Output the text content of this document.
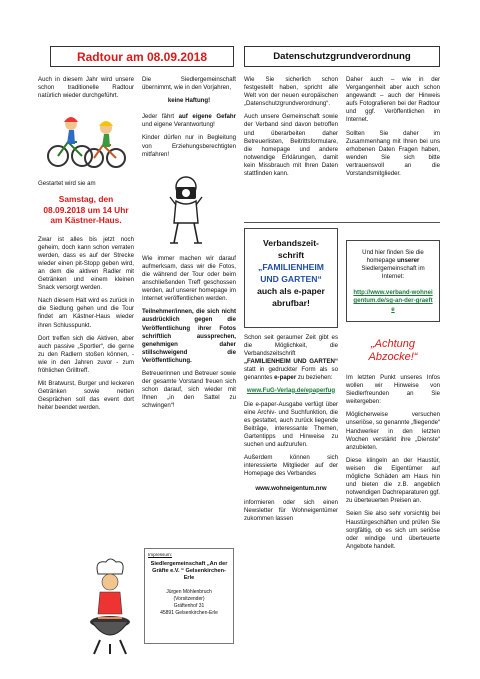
Radtour am 08.09.2018

Auch in diesem Jahr wird unsere schon traditionelle Radtour natürlich wieder durchgeführt.

Gestartet wird sie am

Samstag, den 08.09.2018 um 14 Uhr am Kästner-Haus.

Zwar ist alles bis jetzt noch geheim, doch kann schon verraten werden, dass es auf der Strecke wieder einen pit-Stopp geben wird, an dem die aktiven Radler mit Getränken und einem kleinen Snack versorgt werden.

Nach diesem Halt wird es zurück in die Siedlung gehen und die Tour findet am Kästner-Haus wieder ihren Schlusspunkt.

Dort treffen sich die Aktiven, aber auch passive „Sportler“, die gerne zu den Radlern stoßen können, - wie in den Jahren zuvor - zum fröhlichen Grilltreff.

Mit Bratwurst, Burger und leckeren Getränken sowie netten Gesprächen soll das event dort heiter beendet werden.

Die Siedlergemeinschaft übernimmt, wie in den Vorjahren,

keine Haftung!

Jeder fährt auf eigene Gefahr und eigene Verantwortung!

Kinder dürfen nur in Begleitung von Erziehungsberechtigten mitfahren!

Wie immer machen wir darauf aufmerksam, dass wir die Fotos, die während der Tour oder beim anschließenden Treff geschossen werden, auf unserer homepage im Internet veröffentlichen werden.

Teilnehmer/innen, die sich nicht ausdrücklich gegen die Veröffentlichung ihrer Fotos schriftlich aussprechen, genehmigen daher stillschweigend die Veröffentlichung.

Betreuerinnen und Betreuer sowie der gesamte Vorstand freuen sich schon darauf, sich wieder mit Ihnen „in den Sattel zu schwingen“!

Impressum:
Siedlergemeinschaft „An der Gräfte e.V. “ Gelsenkirchen-Erle
Jürgen Möhlenbruch
(Vorsitzender)
Gräftenhof 31
45891 Gelsenkirchen-Erle
Datenschutzgrundverordnung

Wie Sie sicherlich schon festgestellt haben, spricht alle Welt von der neuen europäischen „Datenschutzgrundverordnung“.

Auch unsere Gemeinschaft sowie der Verband sind davon betroffen und überarbeiten daher Betreuerlisten, Beitrittsformulare, die homepage und andere notwendige Erklärungen, damit kein Missbrauch mit Ihren Daten stattfinden kann.

Daher auch – wie in der Vergangenheit aber auch schon angewandt – auch der Hinweis aufs Fotografieren bei der Radtour und ggf. Veröffentlichen im Internet.

Sollten Sie daher im Zusammenhang mit Ihren bei uns erhobenen Daten Fragen haben, wenden Sie sich bitte vertrauensvoll an die Vorstandsmitglieder.

Verbandszeit-
schrift
„FAMILIENHEIM
UND GARTEN“
auch als e-paper
abrufbar!
Und hier finden Sie die homepage unserer Siedlergemeinschaft im Internet:
http://www.verband-wohneigentum.de/sg-an-der-graefte

Schon seit geraumer Zeit gibt es die Möglichkeit, die Verbandszeitschrift „FAMILIENHEIM UND GARTEN“ statt in gedruckter Form als so genanntes e-paper zu beziehen:

www.FuG-Verlag.de/epaperfug

Die e-paper-Ausgabe verfügt über eine Archiv- und Suchfunktion, die es gestattet, auch zurück liegende Beiträge, interessante Themen, Gartentipps und Hinweise zu suchen und aufzurufen.

Außerdem können sich interessierte Mitglieder auf der Homepage des Verbandes

www.wohneigentum.nrw

informieren oder sich einen Newsletter für Wohneigentümer zukommen lassen

„Achtung Abzocke!“

Im letzten Punkt unseres Infos wollen wir Hinweise von Siedlerfreunden an Sie weitergeben:

Möglicherweise versuchen unseriöse, so genannte „fliegende“ Handwerker in den letzten Wochen verstärkt ihre „Dienste“ anzubieten.

Diese klingeln an der Haustür, weisen die Eigentümer auf mögliche Schäden am Haus hin und bieten die z.B. angeblich notwendigen Dachreparaturen ggf. zu überteuerten Preisen an.

Seien Sie also sehr vorsichtig bei Haustürgeschäften und prüfen Sie sorgfältig, ob es sich um seriöse oder windige und überteuerte Angebote handelt.
